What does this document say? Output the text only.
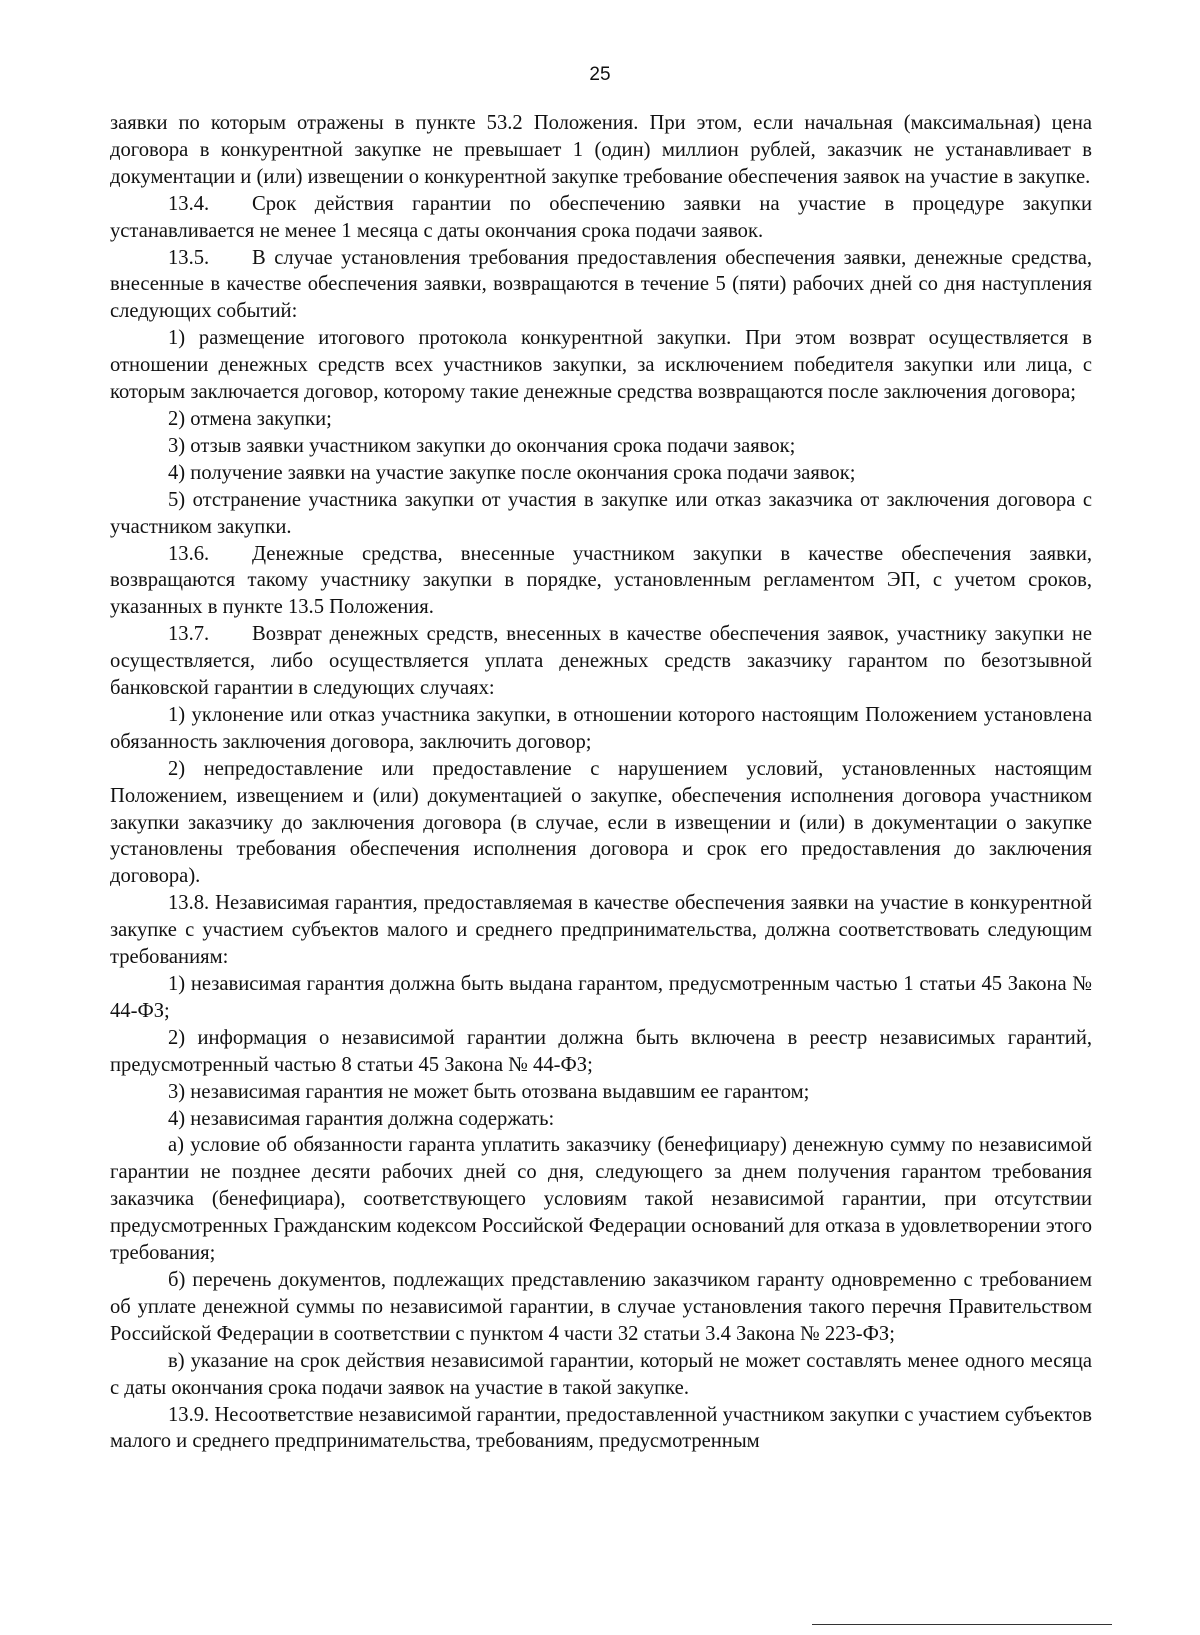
25

заявки по которым отражены в пункте 53.2 Положения. При этом, если начальная (максимальная) цена договора в конкурентной закупке не превышает 1 (один) миллион рублей, заказчик не устанавливает в документации и (или) извещении о конкурентной закупке требование обеспечения заявок на участие в закупке.

13.4. Срок действия гарантии по обеспечению заявки на участие в процедуре закупки устанавливается не менее 1 месяца с даты окончания срока подачи заявок.

13.5. В случае установления требования предоставления обеспечения заявки, денежные средства, внесенные в качестве обеспечения заявки, возвращаются в течение 5 (пяти) рабочих дней со дня наступления следующих событий:

1) размещение итогового протокола конкурентной закупки. При этом возврат осуществляется в отношении денежных средств всех участников закупки, за исключением победителя закупки или лица, с которым заключается договор, которому такие денежные средства возвращаются после заключения договора;

2) отмена закупки;

3) отзыв заявки участником закупки до окончания срока подачи заявок;

4) получение заявки на участие закупке после окончания срока подачи заявок;

5) отстранение участника закупки от участия в закупке или отказ заказчика от заключения договора с участником закупки.

13.6. Денежные средства, внесенные участником закупки в качестве обеспечения заявки, возвращаются такому участнику закупки в порядке, установленным регламентом ЭП, с учетом сроков, указанных в пункте 13.5 Положения.

13.7. Возврат денежных средств, внесенных в качестве обеспечения заявок, участнику закупки не осуществляется, либо осуществляется уплата денежных средств заказчику гарантом по безотзывной банковской гарантии в следующих случаях:

1) уклонение или отказ участника закупки, в отношении которого настоящим Положением установлена обязанность заключения договора, заключить договор;

2) непредоставление или предоставление с нарушением условий, установленных настоящим Положением, извещением и (или) документацией о закупке, обеспечения исполнения договора участником закупки заказчику до заключения договора (в случае, если в извещении и (или) в документации о закупке установлены требования обеспечения исполнения договора и срок его предоставления до заключения договора).

13.8. Независимая гарантия, предоставляемая в качестве обеспечения заявки на участие в конкурентной закупке с участием субъектов малого и среднего предпринимательства, должна соответствовать следующим требованиям:

1) независимая гарантия должна быть выдана гарантом, предусмотренным частью 1 статьи 45 Закона № 44-ФЗ;

2) информация о независимой гарантии должна быть включена в реестр независимых гарантий, предусмотренный частью 8 статьи 45 Закона № 44-ФЗ;

3) независимая гарантия не может быть отозвана выдавшим ее гарантом;

4) независимая гарантия должна содержать:

а) условие об обязанности гаранта уплатить заказчику (бенефициару) денежную сумму по независимой гарантии не позднее десяти рабочих дней со дня, следующего за днем получения гарантом требования заказчика (бенефициара), соответствующего условиям такой независимой гарантии, при отсутствии предусмотренных Гражданским кодексом Российской Федерации оснований для отказа в удовлетворении этого требования;

б) перечень документов, подлежащих представлению заказчиком гаранту одновременно с требованием об уплате денежной суммы по независимой гарантии, в случае установления такого перечня Правительством Российской Федерации в соответствии с пунктом 4 части 32 статьи 3.4 Закона № 223-ФЗ;

в) указание на срок действия независимой гарантии, который не может составлять менее одного месяца с даты окончания срока подачи заявок на участие в такой закупке.

13.9. Несоответствие независимой гарантии, предоставленной участником закупки с участием субъектов малого и среднего предпринимательства, требованиям, предусмотренным
